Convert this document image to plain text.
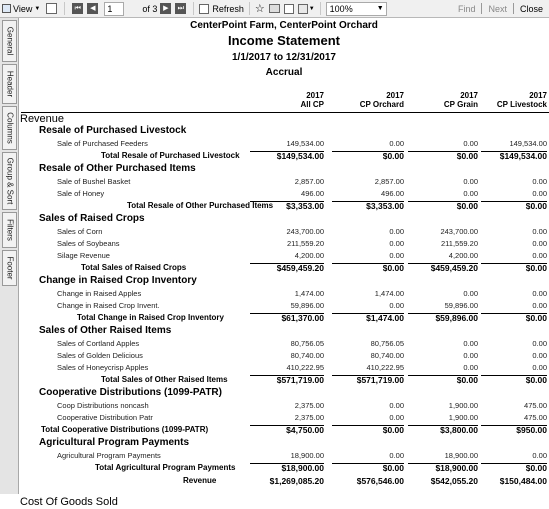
View ▼	⏮	◀	1	of 3 ▶	⏭	Refresh ☆	▼	100%	▼	Find	Next	Close
General
Header
Columns
Group & Sort
Filters
Footer
CenterPoint Farm, CenterPoint Orchard
Income Statement
1/1/2017 to 12/31/2017
Accrual
2017
All CP
2017
CP Orchard
2017
CP Grain
2017
CP Livestock
Revenue
Resale of Purchased Livestock
Sale of Purchased Feeders	149,534.00	0.00	0.00	149,534.00
Total Resale of Purchased Livestock	$149,534.00	$0.00	$0.00	$149,534.00
Resale of Other Purchased Items
Sale of Bushel Basket	2,857.00	2,857.00	0.00	0.00
Sale of Honey	496.00	496.00	0.00	0.00
Total Resale of Other Purchased Items	$3,353.00	$3,353.00	$0.00	$0.00
Sales of Raised Crops
Sales of Corn	243,700.00	0.00	243,700.00	0.00
Sales of Soybeans	211,559.20	0.00	211,559.20	0.00
Silage Revenue	4,200.00	0.00	4,200.00	0.00
Total Sales of Raised Crops	$459,459.20	$0.00	$459,459.20	$0.00
Change in Raised Crop Inventory
Change in Raised Apples	1,474.00	1,474.00	0.00	0.00
Change in Raised Crop Invent.	59,896.00	0.00	59,896.00	0.00
Total Change in Raised Crop Inventory	$61,370.00	$1,474.00	$59,896.00	$0.00
Sales of Other Raised Items
Sales of Cortland Apples	80,756.05	80,756.05	0.00	0.00
Sales of Golden Delicious	80,740.00	80,740.00	0.00	0.00
Sales of Honeycrisp Apples	410,222.95	410,222.95	0.00	0.00
Total Sales of Other Raised Items	$571,719.00	$571,719.00	$0.00	$0.00
Cooperative Distributions (1099-PATR)
Coop Distributions noncash	2,375.00	0.00	1,900.00	475.00
Cooperative Distribution Patr	2,375.00	0.00	1,900.00	475.00
Total Cooperative Distributions (1099-PATR)	$4,750.00	$0.00	$3,800.00	$950.00
Agricultural Program Payments
Agricultural Program Payments	18,900.00	0.00	18,900.00	0.00
Total Agricultural Program Payments	$18,900.00	$0.00	$18,900.00	$0.00
Revenue	$1,269,085.20	$576,546.00	$542,055.20	$150,484.00
Cost Of Goods Sold
